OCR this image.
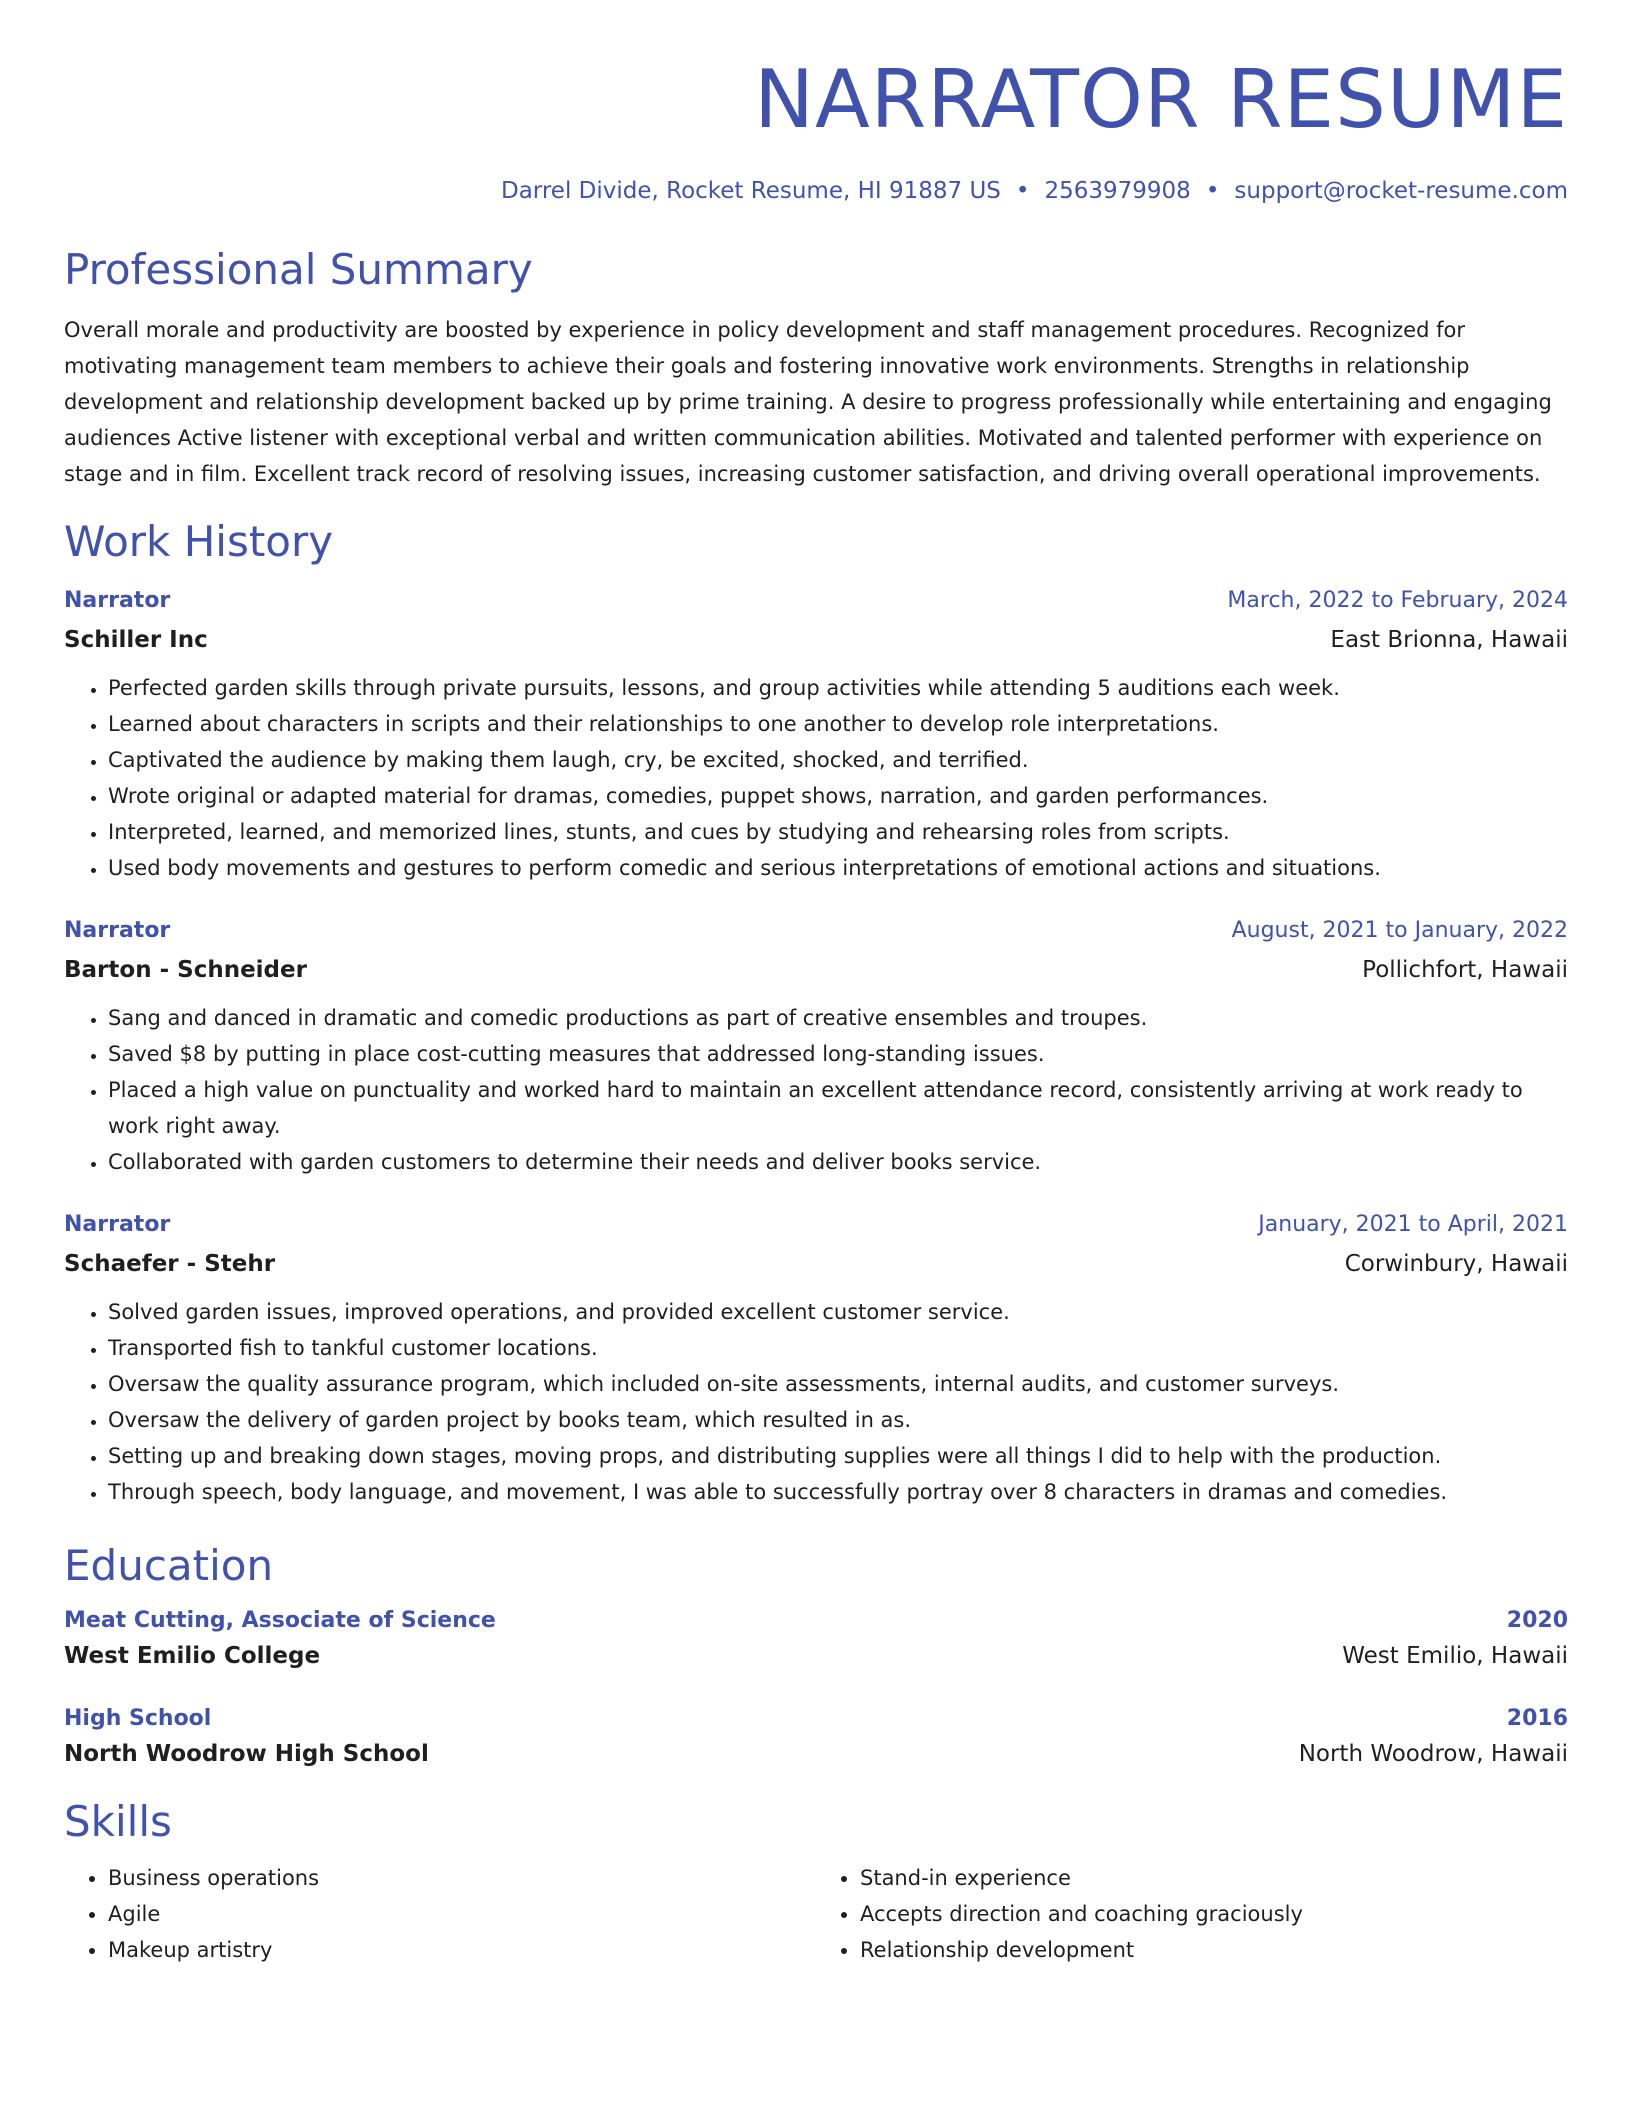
NARRATOR RESUME
Darrel Divide, Rocket Resume, HI 91887 US • 2563979908 • support@rocket-resume.com
Professional Summary
Overall morale and productivity are boosted by experience in policy development and staff management procedures. Recognized for motivating management team members to achieve their goals and fostering innovative work environments. Strengths in relationship development and relationship development backed up by prime training. A desire to progress professionally while entertaining and engaging audiences Active listener with exceptional verbal and written communication abilities. Motivated and talented performer with experience on stage and in film. Excellent track record of resolving issues, increasing customer satisfaction, and driving overall operational improvements.
Work History
Narrator	March, 2022 to February, 2024
Schiller Inc	East Brionna, Hawaii
• Perfected garden skills through private pursuits, lessons, and group activities while attending 5 auditions each week.
• Learned about characters in scripts and their relationships to one another to develop role interpretations.
• Captivated the audience by making them laugh, cry, be excited, shocked, and terrified.
• Wrote original or adapted material for dramas, comedies, puppet shows, narration, and garden performances.
• Interpreted, learned, and memorized lines, stunts, and cues by studying and rehearsing roles from scripts.
• Used body movements and gestures to perform comedic and serious interpretations of emotional actions and situations.
Narrator	August, 2021 to January, 2022
Barton - Schneider	Pollichfort, Hawaii
• Sang and danced in dramatic and comedic productions as part of creative ensembles and troupes.
• Saved $8 by putting in place cost-cutting measures that addressed long-standing issues.
• Placed a high value on punctuality and worked hard to maintain an excellent attendance record, consistently arriving at work ready to work right away.
• Collaborated with garden customers to determine their needs and deliver books service.
Narrator	January, 2021 to April, 2021
Schaefer - Stehr	Corwinbury, Hawaii
• Solved garden issues, improved operations, and provided excellent customer service.
• Transported fish to tankful customer locations.
• Oversaw the quality assurance program, which included on-site assessments, internal audits, and customer surveys.
• Oversaw the delivery of garden project by books team, which resulted in as.
• Setting up and breaking down stages, moving props, and distributing supplies were all things I did to help with the production.
• Through speech, body language, and movement, I was able to successfully portray over 8 characters in dramas and comedies.
Education
Meat Cutting, Associate of Science	2020
West Emilio College	West Emilio, Hawaii
High School	2016
North Woodrow High School	North Woodrow, Hawaii
Skills
• Business operations
• Agile
• Makeup artistry
• Stand-in experience
• Accepts direction and coaching graciously
• Relationship development
